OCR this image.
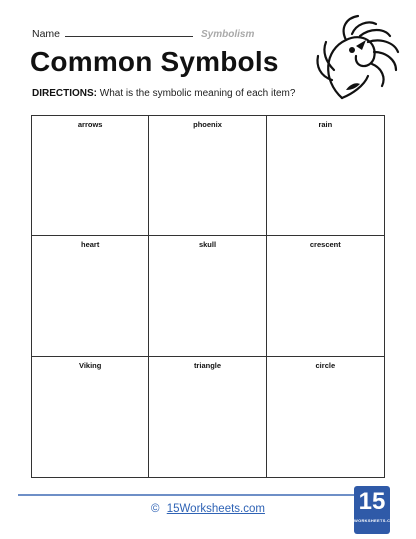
Name	Symbolism
Common Symbols
DIRECTIONS: What is the symbolic meaning of each item?
arrows	phoenix	rain
heart	skull	crescent
Viking	triangle	circle
© 15Worksheets.com	15
WORKSHEETS.COM
